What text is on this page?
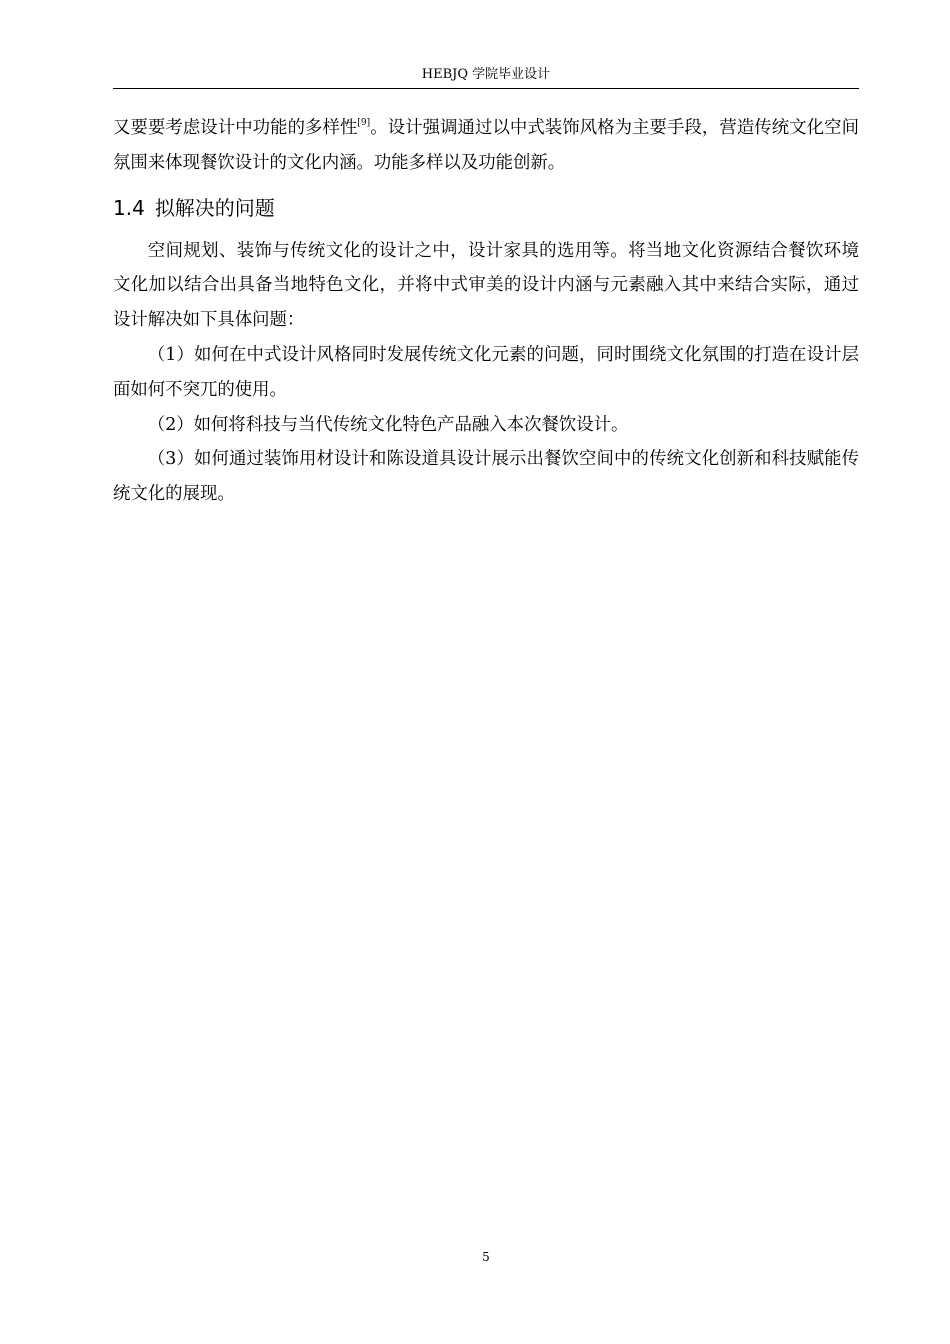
HEBJQ 学院毕业设计

又要要考虑设计中功能的多样性[9]。设计强调通过以中式装饰风格为主要手段，营造传统文化空间氛围来体现餐饮设计的文化内涵。功能多样以及功能创新。

1.4 拟解决的问题

空间规划、装饰与传统文化的设计之中，设计家具的选用等。将当地文化资源结合餐饮环境文化加以结合出具备当地特色文化，并将中式审美的设计内涵与元素融入其中来结合实际，通过设计解决如下具体问题：

（1）如何在中式设计风格同时发展传统文化元素的问题，同时围绕文化氛围的打造在设计层面如何不突兀的使用。

（2）如何将科技与当代传统文化特色产品融入本次餐饮设计。

（3）如何通过装饰用材设计和陈设道具设计展示出餐饮空间中的传统文化创新和科技赋能传统文化的展现。

5
